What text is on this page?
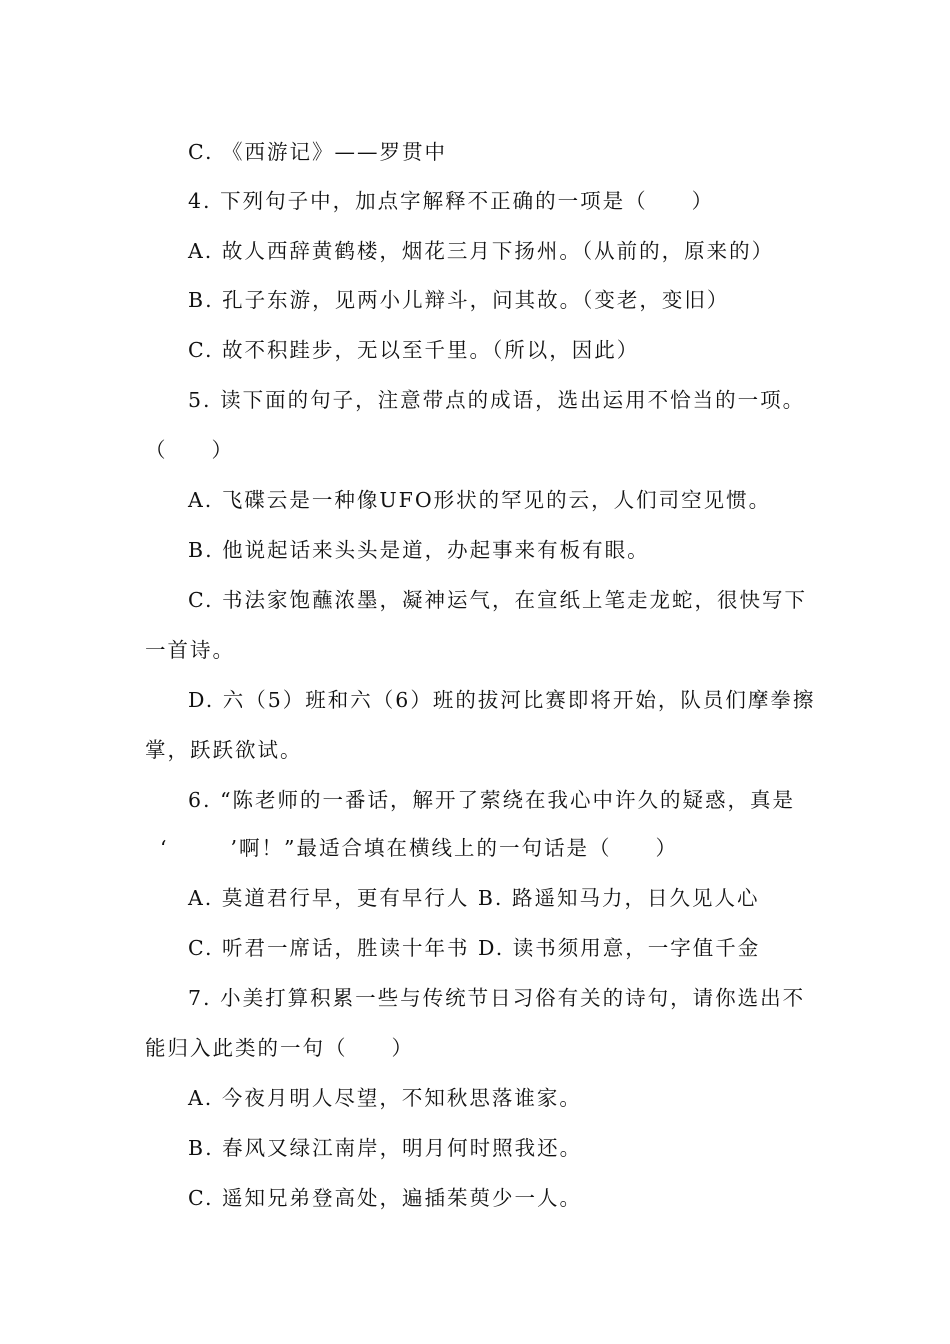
C. 《西游记》——罗贯中
4. 下列句子中，加点字解释不正确的一项是（ ）
A. 故人西辞黄鹤楼，烟花三月下扬州。（从前的，原来的）
B. 孔子东游，见两小儿辩斗，问其故。（变老，变旧）
C. 故不积跬步，无以至千里。（所以，因此）
5. 读下面的句子，注意带点的成语，选出运用不恰当的一项。
（ ）
A. 飞碟云是一种像UFO形状的罕见的云，人们司空见惯。
B. 他说起话来头头是道，办起事来有板有眼。
C. 书法家饱蘸浓墨，凝神运气，在宣纸上笔走龙蛇，很快写下
一首诗。
D. 六（5）班和六（6）班的拔河比赛即将开始，队员们摩拳擦
掌，跃跃欲试。
6. “陈老师的一番话，解开了萦绕在我心中许久的疑惑，真是
‘	’啊！”最适合填在横线上的一句话是（ ）
A. 莫道君行早，更有早行人 B. 路遥知马力，日久见人心
C. 听君一席话，胜读十年书 D. 读书须用意，一字值千金
7. 小美打算积累一些与传统节日习俗有关的诗句，请你选出不
能归入此类的一句（ ）
A. 今夜月明人尽望，不知秋思落谁家。
B. 春风又绿江南岸，明月何时照我还。
C. 遥知兄弟登高处，遍插茱萸少一人。
